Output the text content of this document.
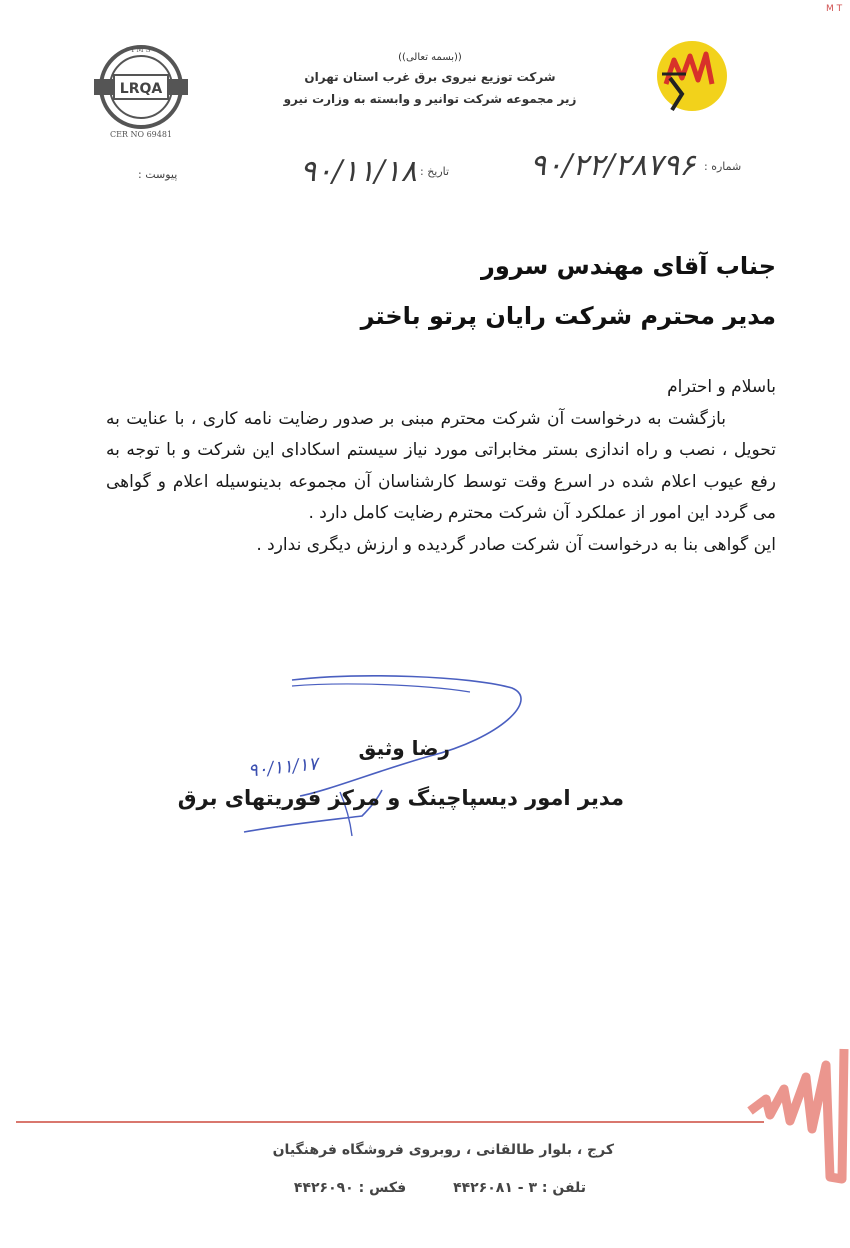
M T
LRQA
I M S
CER NO 69481
((بسمه تعالی))
شرکت توزیع نیروی برق غرب استان تهران
زیر مجموعه شرکت توانیر و وابسته به وزارت نیرو
شماره :
۹۰/۲۲/۲۸۷۹۶
تاریخ :
۹۰/۱۱/۱۸
پیوست :
جناب آقای مهندس سرور
مدیر محترم شرکت رایان پرتو باختر

باسلام و احترام

بازگشت به درخواست آن شرکت محترم مبنی بر صدور رضایت نامه کاری ، با عنایت به تحویل ، نصب و راه اندازی بستر مخابراتی مورد نیاز سیستم اسکادای این شرکت و با توجه به رفع عیوب اعلام شده در اسرع وقت توسط کارشناسان آن مجموعه بدینوسیله اعلام و گواهی می گردد این امور از عملکرد آن شرکت محترم رضایت کامل دارد .

این گواهی بنا به درخواست آن شرکت صادر گردیده و ارزش دیگری ندارد .

رضا وثیق
۹۰/۱۱/۱۷
مدیر امور دیسپاچینگ و مرکز فوریتهای برق
کرج ، بلوار طالقانی ، روبروی فروشگاه فرهنگیان
تلفن : ۳ - ۴۴۲۶۰۸۱ فکس : ۴۴۲۶۰۹۰
